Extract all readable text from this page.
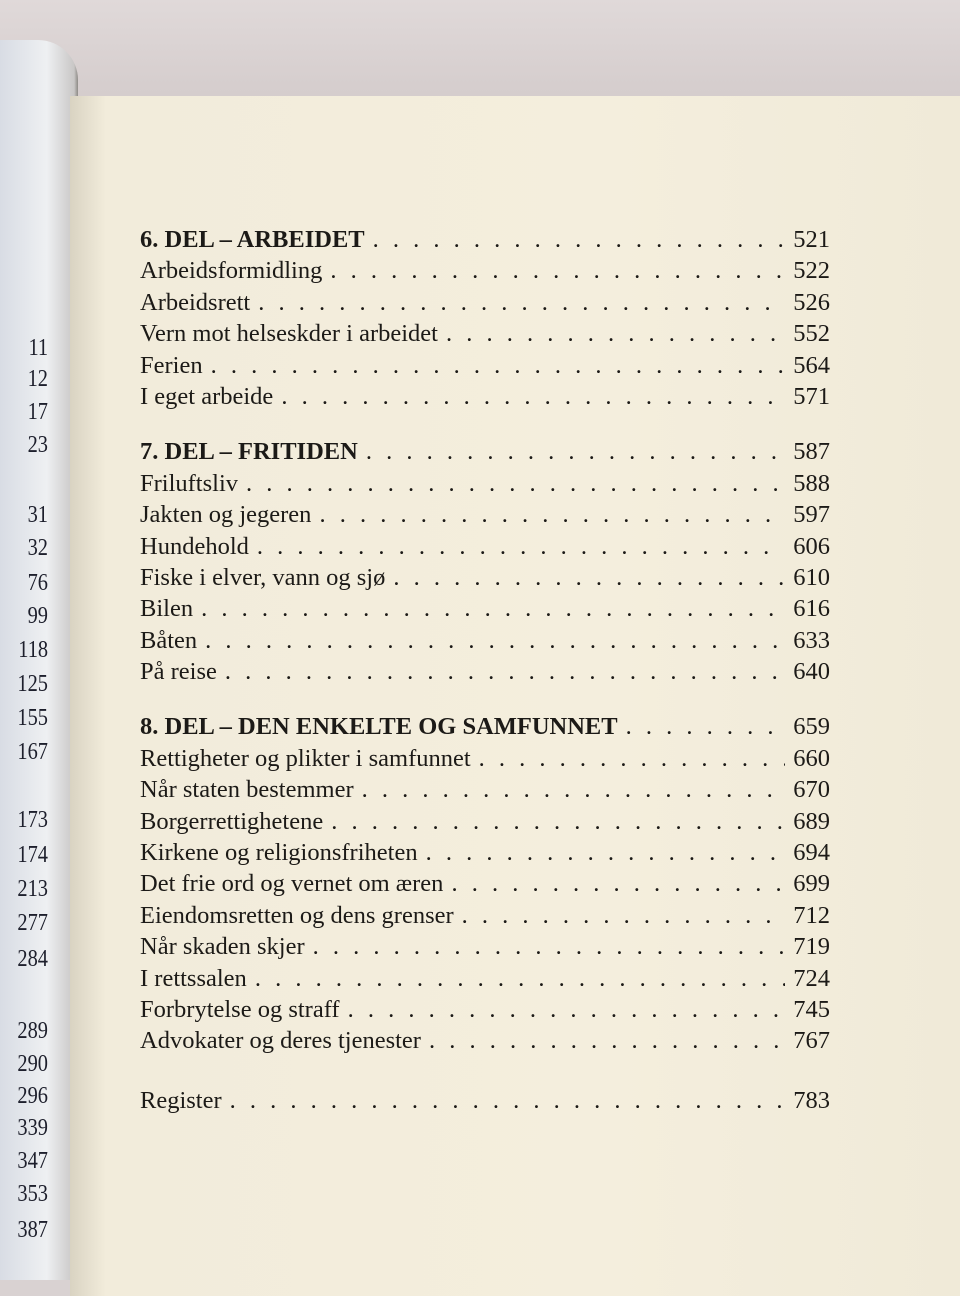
11
12
17
23
31
32
76
99
118
125
155
167
173
174
213
277
284
289
290
296
339
347
353
387
6. DEL – ARBEIDET . . .	521
Arbeidsformidling . . .	522
Arbeidsrett . . .	526
Vern mot helseskder i arbeidet . . .	552
Ferien . . .	564
I eget arbeide . . .	571
7. DEL – FRITIDEN . . .	587
Friluftsliv . . .	588
Jakten og jegeren . . .	597
Hundehold . . .	606
Fiske i elver, vann og sjø . . .	610
Bilen . . .	616
Båten . . .	633
På reise . . .	640
8. DEL – DEN ENKELTE OG SAMFUNNET . . .	659
Rettigheter og plikter i samfunnet . . .	660
Når staten bestemmer . . .	670
Borgerrettighetene . . .	689
Kirkene og religionsfriheten . . .	694
Det frie ord og vernet om æren . . .	699
Eiendomsretten og dens grenser . . .	712
Når skaden skjer . . .	719
I rettssalen . . .	724
Forbrytelse og straff . . .	745
Advokater og deres tjenester . . .	767
Register . . .	783
